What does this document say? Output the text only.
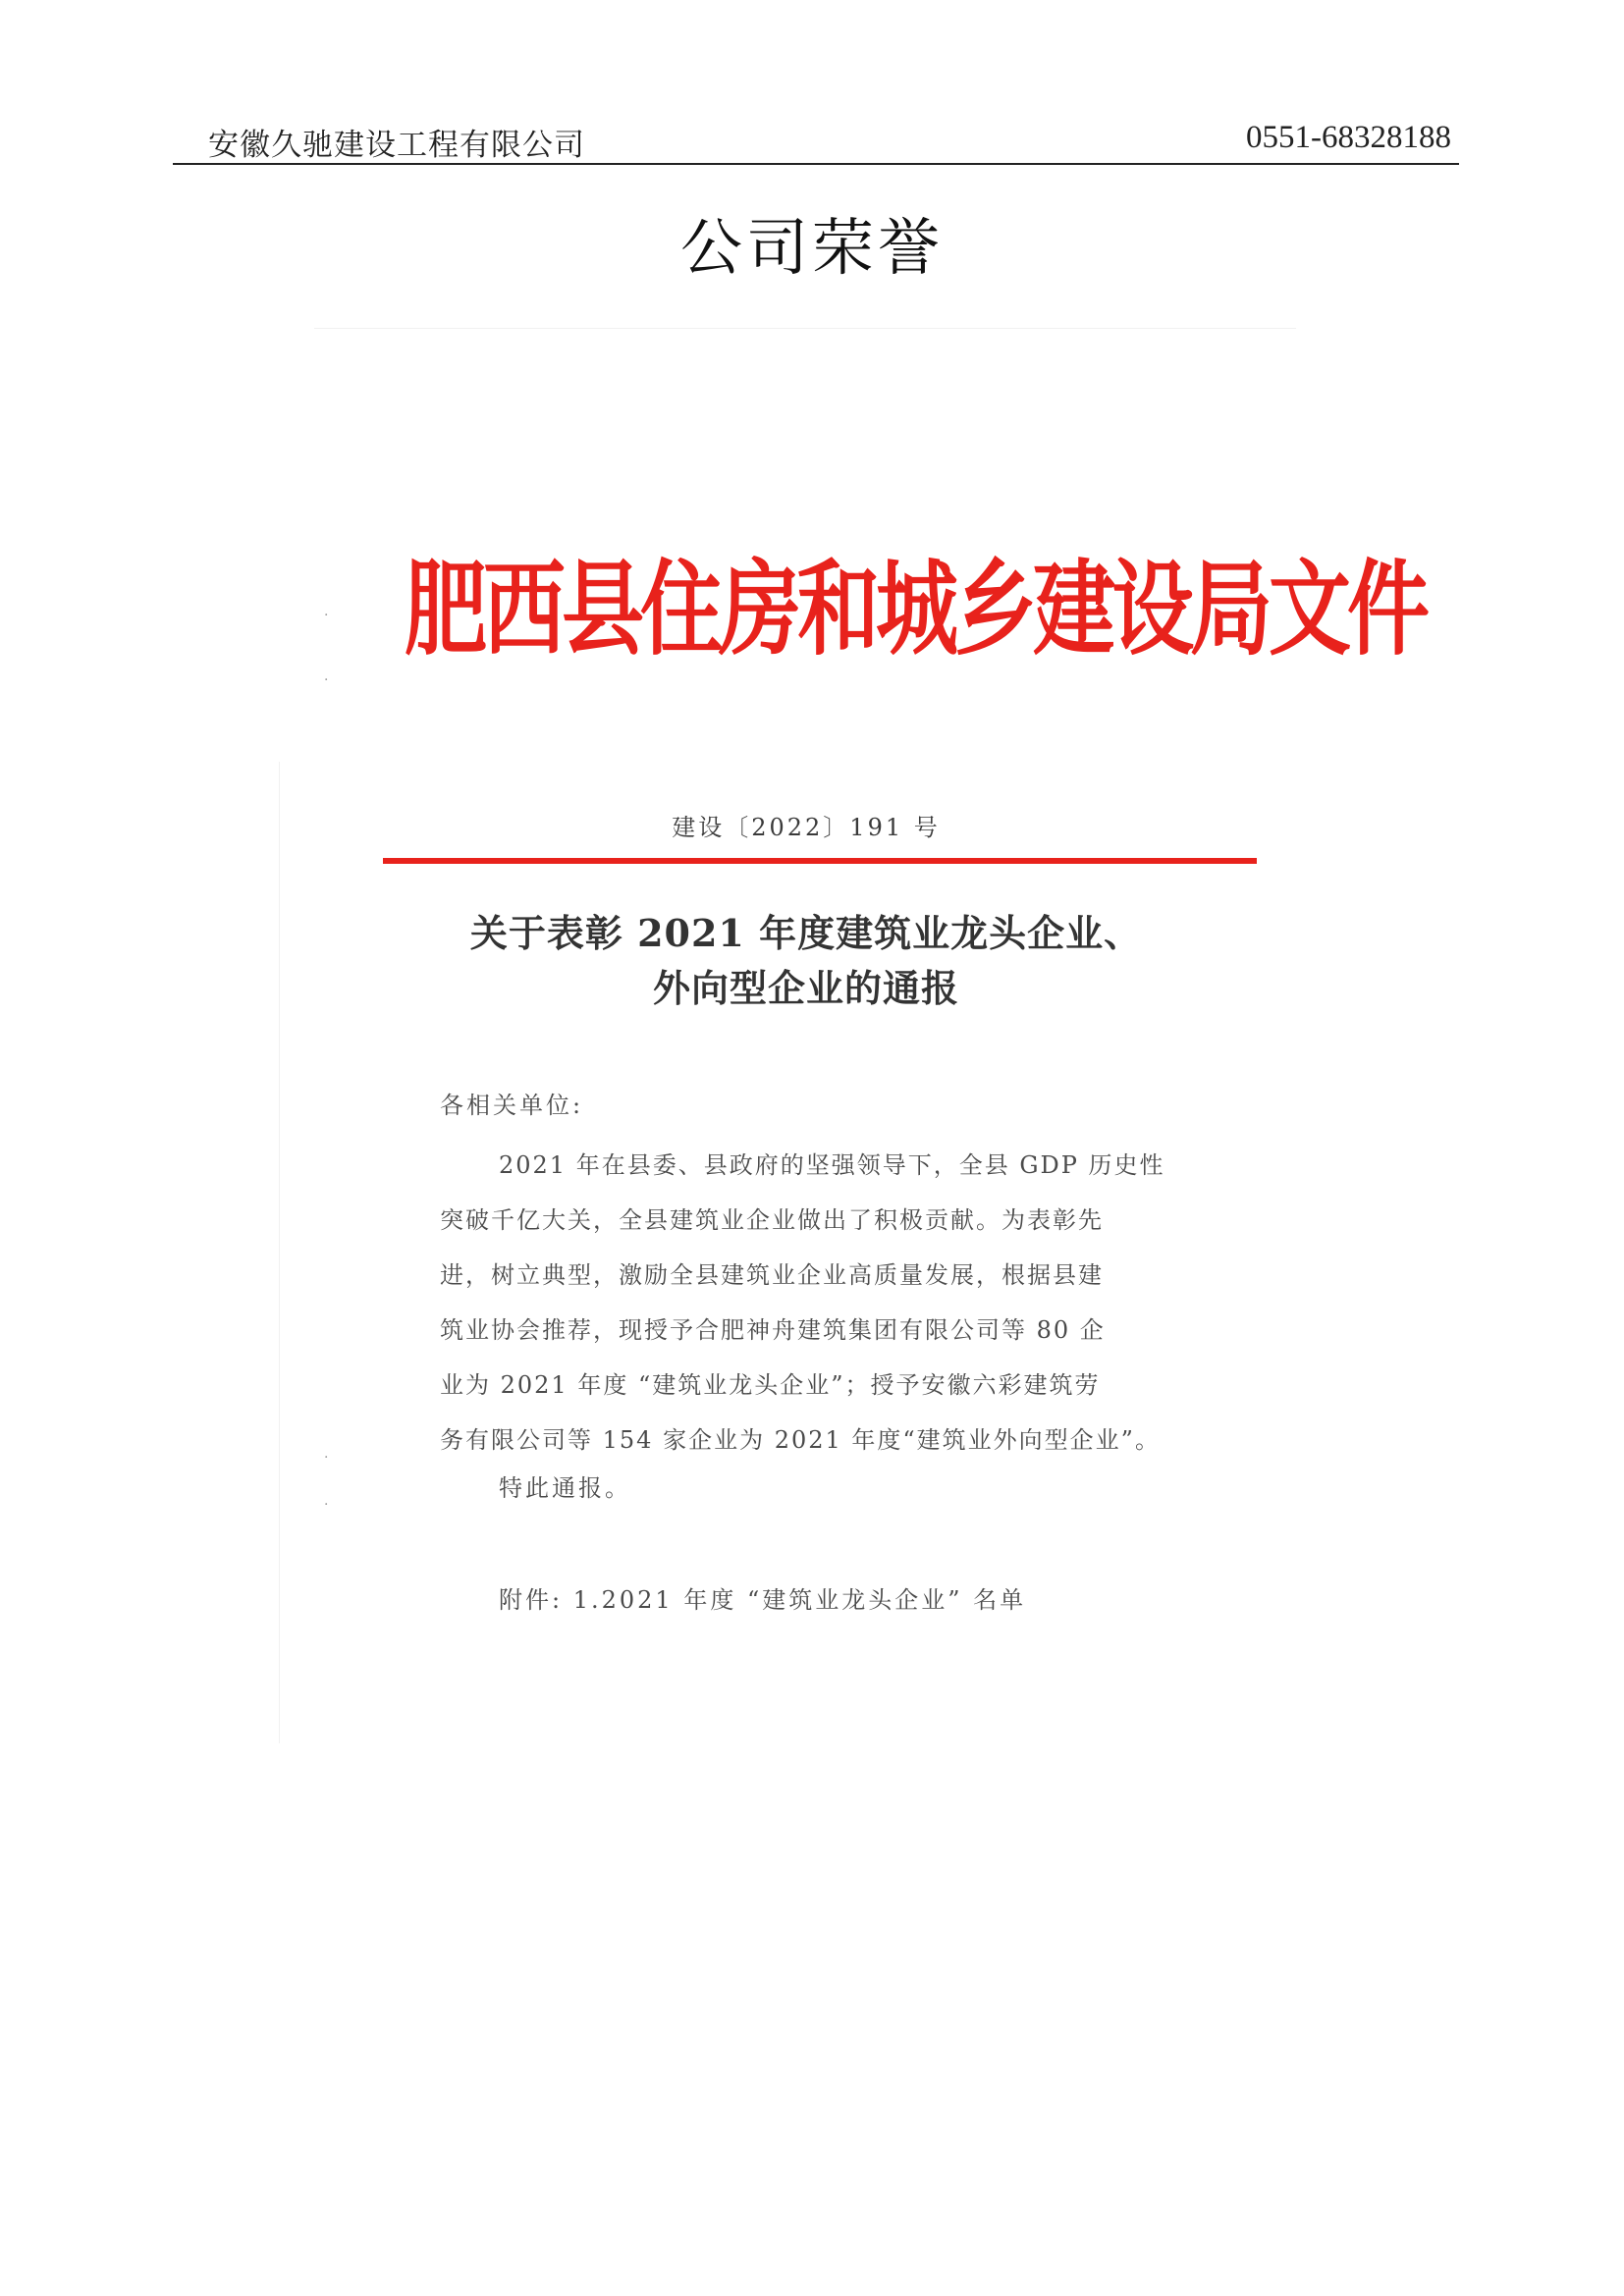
安徽久驰建设工程有限公司	0551-68328188
公司荣誉
·
·
·
·
肥西县住房和城乡建设局文件
建设〔2022〕191 号
关于表彰 2021 年度建筑业龙头企业、
外向型企业的通报
各相关单位:
2021 年在县委、县政府的坚强领导下，全县 GDP 历史性
突破千亿大关，全县建筑业企业做出了积极贡献。为表彰先
进，树立典型，激励全县建筑业企业高质量发展，根据县建
筑业协会推荐，现授予合肥神舟建筑集团有限公司等 80 企
业为 2021 年度 “建筑业龙头企业”；授予安徽六彩建筑劳
务有限公司等 154 家企业为 2021 年度“建筑业外向型企业”。
特此通报。
附件: 1.2021 年度 “建筑业龙头企业” 名单
